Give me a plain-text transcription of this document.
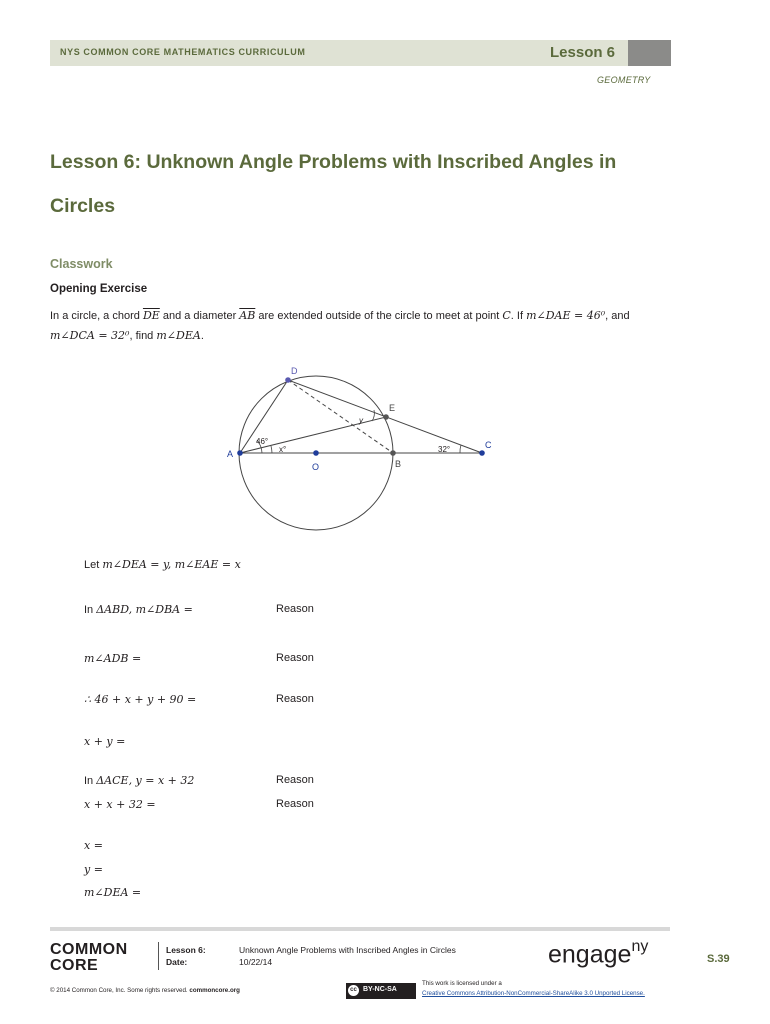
NYS COMMON CORE MATHEMATICS CURRICULUM	Lesson 6
GEOMETRY
Lesson 6: Unknown Angle Problems with Inscribed Angles in Circles
Classwork
Opening Exercise
In a circle, a chord $\overline{DE}$ and a diameter $\overline{AB}$ are extended outside of the circle to meet at point C. If m∠DAE = 46⁰, and
m∠DCA = 32⁰, find m∠DEA.
D
E
A
O	B
C
46°
x°
y
32°
Let m∠DEA = y, m∠EAE = x
In ΔABD, m∠DBA =	Reason
m∠ADB =	Reason
∴ 46 + x + y + 90 =	Reason
x + y =
In ΔACE, y = x + 32	Reason
x + x + 32 =	Reason
x =
y =
m∠DEA =
COMMON
CORE
Lesson 6:
Date:
Unknown Angle Problems with Inscribed Angles in Circles
10/22/14	engage$^{ny}$
S.39
© 2014 Common Core, Inc. Some rights reserved. commoncore.org	cc BY-NC-SA
This work is licensed under a
Creative Commons Attribution-NonCommercial-ShareAlike 3.0 Unported License.
